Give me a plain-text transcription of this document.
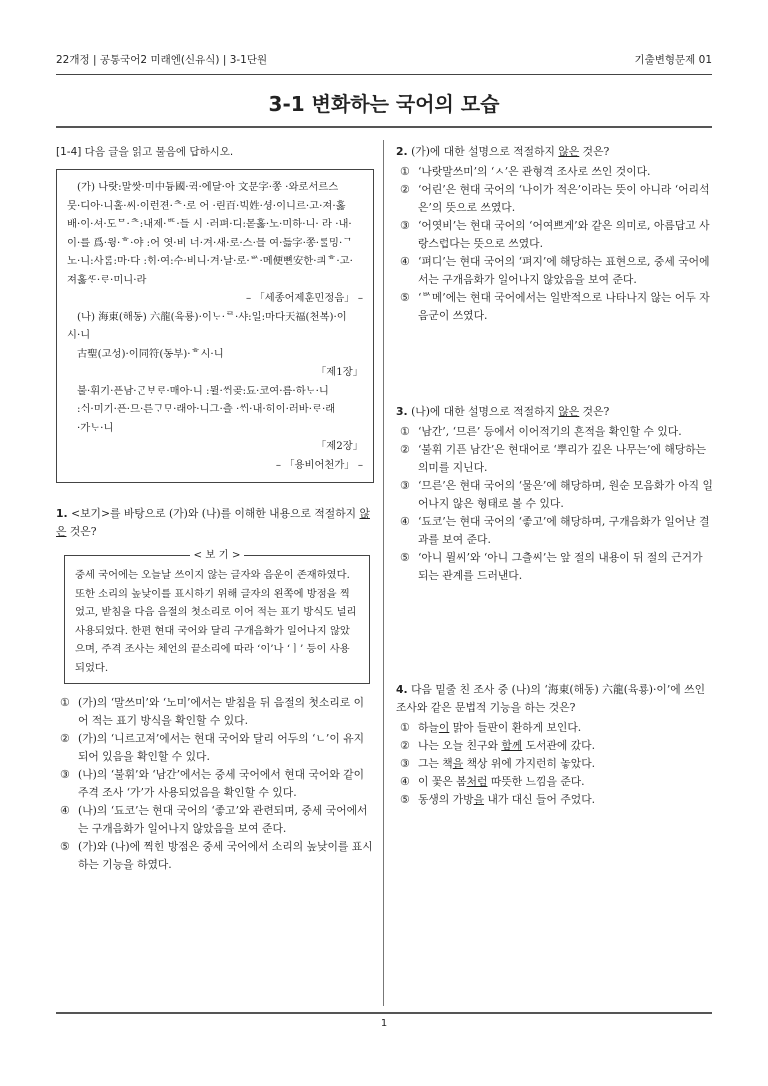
22개정 | 공통국어2 미래엔(신유식) | 3-1단원	기출변형문제 01
3-1 변화하는 국어의 모습
[1-4] 다음 글을 읽고 물음에 답하시오.

(가) 나랏:말쌋·미中듕國·귁·에달·아 文문字·쫑 ·와로서르스

뭇·디아·니홀·씨·이런젼·ᄎ·로 어 ·린百·빅姓·셩·이니르·고·져·홇

배·이·셔·도ᄆ·ᄎ:내제·ᄠ·들 시 ·러펴·디:몯홇·노·미하·니· 라 ·내·

이·를 爲·윙·ᄒ·야 :어 엿·비 너·겨·새·로·스·믈 여·듧字·쫑·ᄅᆞᆯ밍·ᄀ

노·니:사ᄅᆞᆷ:마·다 :ᄒᆡ·여:수·비니·겨·날·로·ᄡ·메便뼌安한·킈ᄒ·고·

져홇ᄯᆞ·ᄅᆞ·미니·라

– 「세종어제훈민정음」 –

(나) 海東(해동) 六龍(육룡)·이ᄂᆞ·ᄅ·샤:일:마다天福(천복)·이

시·니

古聖(고성)·이同符(동부)·ᄒ시·니

「제1장」

불·휘기·픈남·ᄀᆞᆫᄇᆞᄅᆞ·매아·니 :뮐·ᄊᆡ곶:됴·코여·름·하ᄂᆞ·니

:ᄉᆡ·미기·픈·므·른ᄀᆞᄆᆞ·래아·니그·츨 ·ᄊᆡ·내·히이·러바·ᄅᆞ·래

·가ᄂᆞ·니

「제2장」

– 「용비어천가」 –

1. <보기>를 바탕으로 (가)와 (나)를 이해한 내용으로 적절하지 않은 것은?

< 보 기 >
중세 국어에는 오늘날 쓰이지 않는 글자와 음운이 존재하였다. 또한 소리의 높낮이를 표시하기 위해 글자의 왼쪽에 방점을 찍었고, 받침을 다음 음절의 첫소리로 이어 적는 표기 방식도 널리 사용되었다. 한편 현대 국어와 달리 구개음화가 일어나지 않았으며, 주격 조사는 체언의 끝소리에 따라 ‘이’나 ‘ㅣ’ 등이 사용되었다.
① (가)의 ‘말쓰미’와 ‘노미’에서는 받침을 뒤 음절의 첫소리로 이어 적는 표기 방식을 확인할 수 있다.
② (가)의 ‘니르고져’에서는 현대 국어와 달리 어두의 ‘ㄴ’이 유지되어 있음을 확인할 수 있다.
③ (나)의 ‘불휘’와 ‘남간’에서는 중세 국어에서 현대 국어와 같이 주격 조사 ‘가’가 사용되었음을 확인할 수 있다.
④ (나)의 ‘됴코’는 현대 국어의 ‘좋고’와 관련되며, 중세 국어에서는 구개음화가 일어나지 않았음을 보여 준다.
⑤ (가)와 (나)에 찍힌 방점은 중세 국어에서 소리의 높낮이를 표시하는 기능을 하였다.

2. (가)에 대한 설명으로 적절하지 않은 것은?

① ‘나랏말쓰미’의 ‘ㅅ’은 관형격 조사로 쓰인 것이다.
② ‘어린’은 현대 국어의 ‘나이가 적은’이라는 뜻이 아니라 ‘어리석은’의 뜻으로 쓰였다.
③ ‘어엿비’는 현대 국어의 ‘어여쁘게’와 같은 의미로, 아름답고 사랑스럽다는 뜻으로 쓰였다.
④ ‘펴디’는 현대 국어의 ‘펴지’에 해당하는 표현으로, 중세 국어에서는 구개음화가 일어나지 않았음을 보여 준다.
⑤ ‘ᄡ메’에는 현대 국어에서는 일반적으로 나타나지 않는 어두 자음군이 쓰였다.

3. (나)에 대한 설명으로 적절하지 않은 것은?

① ‘남간’, ‘므른’ 등에서 이어적기의 흔적을 확인할 수 있다.
② ‘불휘 기픈 남간’은 현대어로 ‘뿌리가 깊은 나무는’에 해당하는 의미를 지닌다.
③ ‘므른’은 현대 국어의 ‘물은’에 해당하며, 원순 모음화가 아직 일어나지 않은 형태로 볼 수 있다.
④ ‘됴코’는 현대 국어의 ‘좋고’에 해당하며, 구개음화가 일어난 결과를 보여 준다.
⑤ ‘아니 뮐씨’와 ‘아니 그츨씨’는 앞 절의 내용이 뒤 절의 근거가 되는 관계를 드러낸다.

4. 다음 밑줄 친 조사 중 (나)의 ‘海東(해동) 六龍(육룡)·이’에 쓰인 조사와 같은 문법적 기능을 하는 것은?

① 하늘이 맑아 들판이 환하게 보인다.
② 나는 오늘 친구와 함께 도서관에 갔다.
③ 그는 책을 책상 위에 가지런히 놓았다.
④ 이 꽃은 봄처럼 따뜻한 느낌을 준다.
⑤ 동생의 가방을 내가 대신 들어 주었다.
1
